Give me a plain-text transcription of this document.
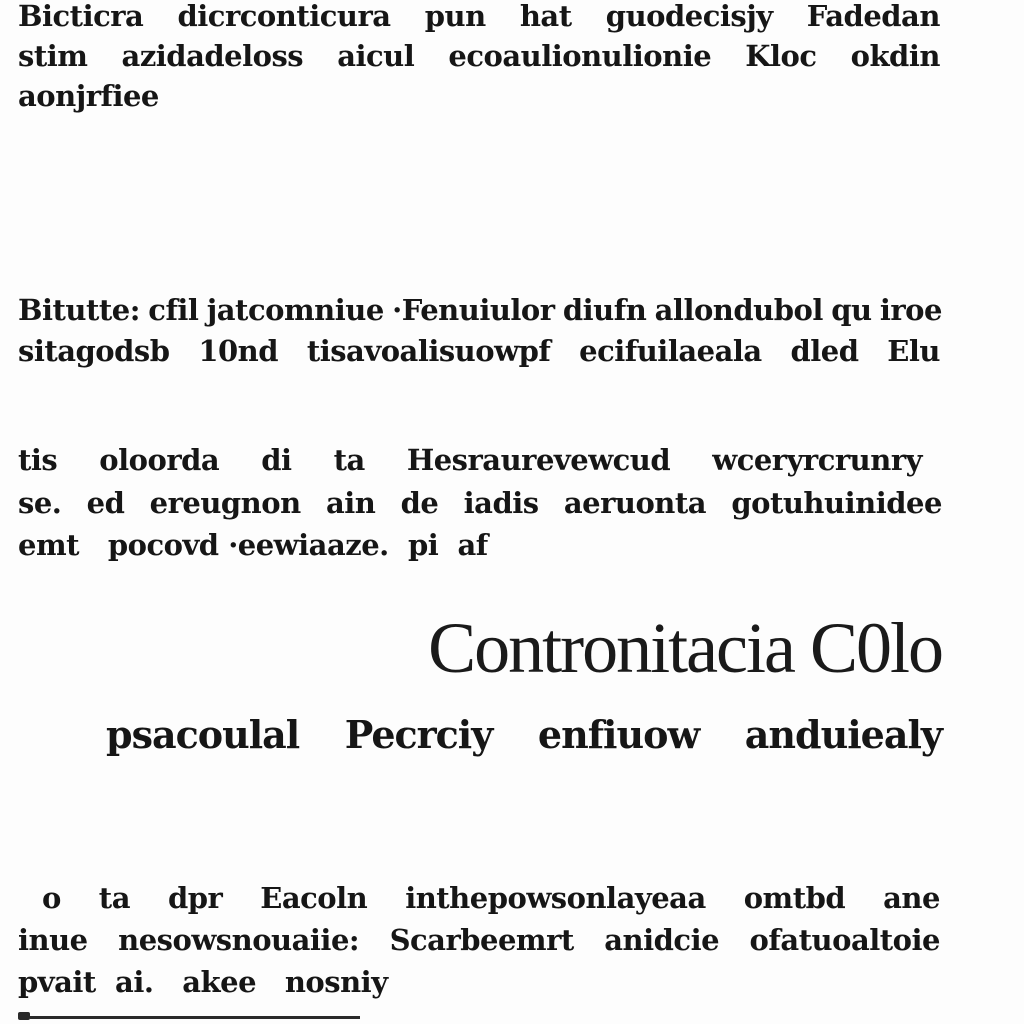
Bicticra dicrconticura pun hat guodecisjy Fadedan
stim azidadeloss aicul ecoaulionulionie Kloc okdin
aonjrfiee
Bitutte: cfil jatcomniue ·Fenuiulor diufn allondubol qu iroe
sitagodsb 10nd tisavoalisuowpf ecifuilaeala dled Elu
tis oloorda di ta Hesraurevewcud wceryrcrunry
se. ed ereugnon ain de iadis aeruonta gotuhuinidee
emt pocovd ·eewiaaze. pi af
Contronitacia C0lo
psacoulal Pecrciy enfiuow anduiealy
o ta dpr Eacoln inthepowsonlayeaa omtbd ane
inue nesowsnouaiie: Scarbeemrt anidcie ofatuoaltoie
pvait ai. akee nosniy
